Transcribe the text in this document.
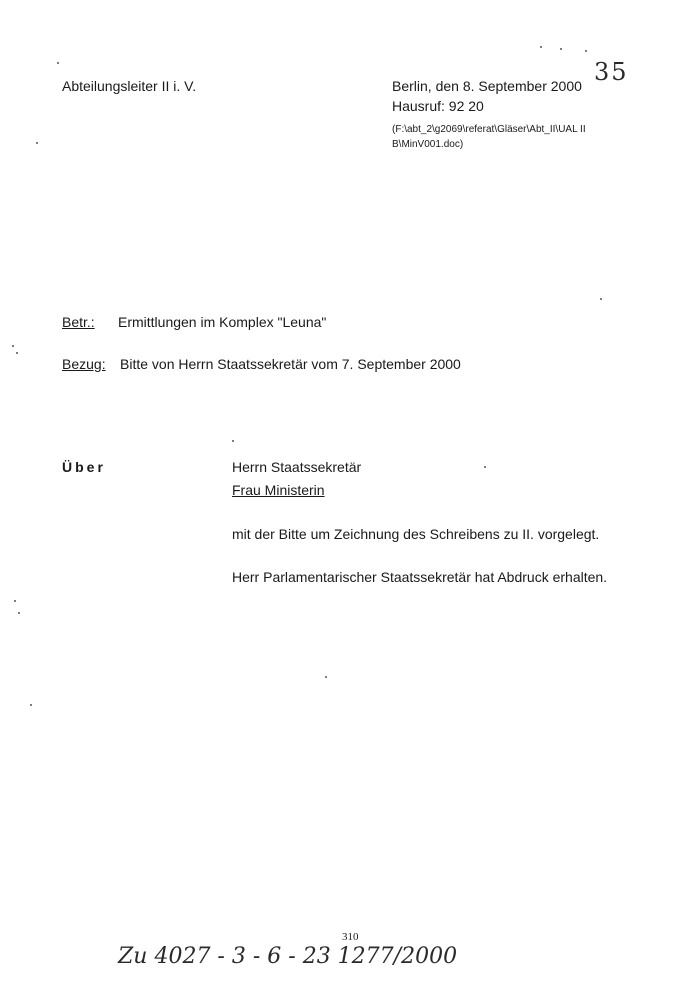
Abteilungsleiter II i. V.	Berlin, den 8. September 2000
Hausruf: 92 20
(F:\abt_2\g2069\referat\Gläser\Abt_II\UAL II
B\MinV001.doc)
35
Betr.: Ermittlungen im Komplex "Leuna"
Bezug: Bitte von Herrn Staatssekretär vom 7. September 2000
Über	Herrn Staatssekretär
Frau Ministerin
mit der Bitte um Zeichnung des Schreibens zu II. vorgelegt.
Herr Parlamentarischer Staatssekretär hat Abdruck erhalten.
310
Zu 4027 - 3 - 6 - 23 1277/2000
